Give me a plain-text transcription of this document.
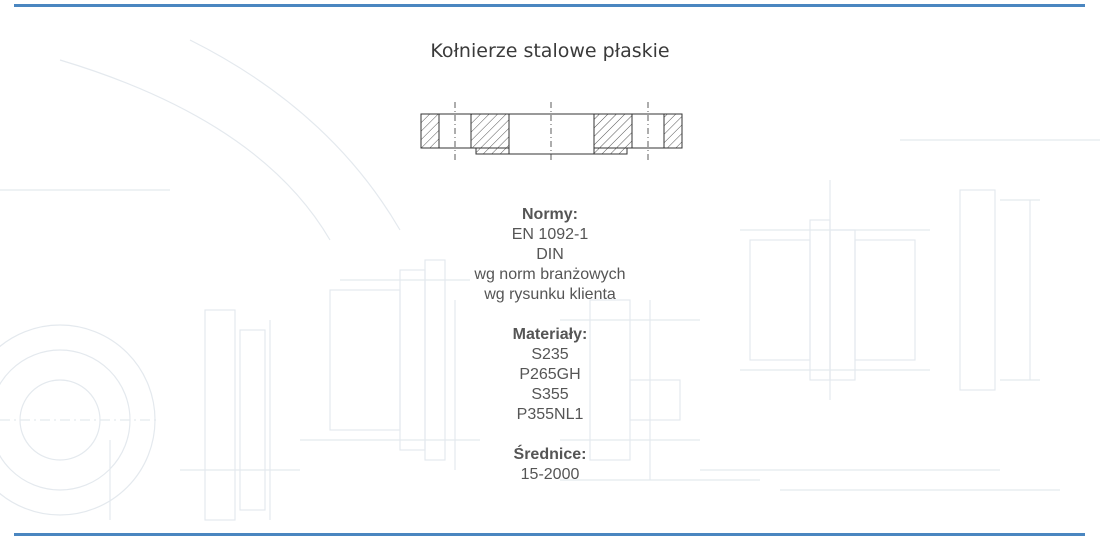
Kołnierze stalowe płaskie
Normy:
EN 1092-1
DIN
wg norm branżowych
wg rysunku klienta
Materiały:
S235
P265GH
S355
P355NL1
Średnice:
15-2000
